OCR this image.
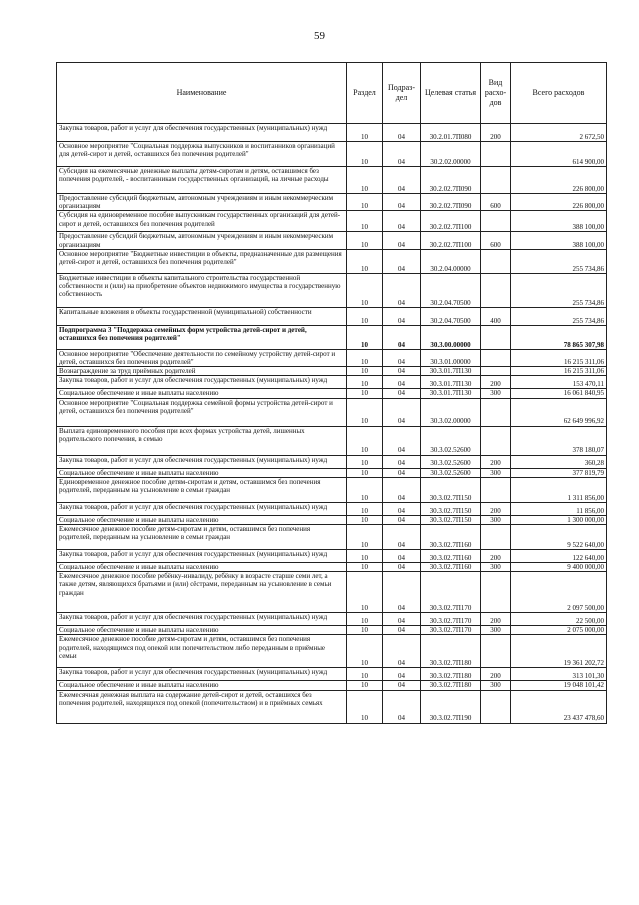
59
Наименование	Раздел	Подраз-дел	Целевая статья	Вид расхо-дов	Всего расходов
Закупка товаров, работ и услуг для обеспечения государственных (муниципальных) нужд	10	04	30.2.01.7П080	200	2 672,50
Основное мероприятие "Социальная поддержка выпускников и воспитанников организаций для детей-сирот и детей, оставшихся без попечения родителей"	10	04	30.2.02.00000		614 900,00
Субсидия на ежемесячные денежные выплаты детям-сиротам и детям, оставшимся без попечения родителей, - воспитанникам государственных организаций, на личные расходы	10	04	30.2.02.7П090		226 800,00
Предоставление субсидий бюджетным, автономным учреждениям и иным некоммерческим организациям	10	04	30.2.02.7П090	600	226 800,00
Субсидия на единовременное пособие выпускникам государственных организаций для детей-сирот и детей, оставшихся без попечения родителей	10	04	30.2.02.7П100		388 100,00
Предоставление субсидий бюджетным, автономным учреждениям и иным некоммерческим организациям	10	04	30.2.02.7П100	600	388 100,00
Основное мероприятие "Бюджетные инвестиции в объекты, предназначенные для размещения детей-сирот и детей, оставшихся без попечения родителей"	10	04	30.2.04.00000		255 734,86
Бюджетные инвестиции в объекты капитального строительства государственной собственности и (или) на приобретение объектов недвижимого имущества в государственную собственность	10	04	30.2.04.70500		255 734,86
Капитальные вложения в объекты государственной (муниципальной) собственности	10	04	30.2.04.70500	400	255 734,86
Подпрограмма 3 "Поддержка семейных форм устройства детей-сирот и детей, оставшихся без попечения родителей"	10	04	30.3.00.00000		78 865 307,98
Основное мероприятие "Обеспечение деятельности по семейному устройству детей-сирот и детей, оставшихся без попечения родителей"	10	04	30.3.01.00000		16 215 311,06
Вознаграждение за труд приёмных родителей	10	04	30.3.01.7П130		16 215 311,06
Закупка товаров, работ и услуг для обеспечения государственных (муниципальных) нужд	10	04	30.3.01.7П130	200	153 470,11
Социальное обеспечение и иные выплаты населению	10	04	30.3.01.7П130	300	16 061 840,95
Основное мероприятие "Социальная поддержка семейной формы устройства детей-сирот и детей, оставшихся без попечения родителей"	10	04	30.3.02.00000		62 649 996,92
Выплата единовременного пособия при всех формах устройства детей, лишенных родительского попечения, в семью	10	04	30.3.02.52600		378 180,07
Закупка товаров, работ и услуг для обеспечения государственных (муниципальных) нужд	10	04	30.3.02.52600	200	360,28
Социальное обеспечение и иные выплаты населению	10	04	30.3.02.52600	300	377 819,79
Единовременное денежное пособие детям-сиротам и детям, оставшимся без попечения родителей, переданным на усыновление в семьи граждан	10	04	30.3.02.7П150		1 311 856,00
Закупка товаров, работ и услуг для обеспечения государственных (муниципальных) нужд	10	04	30.3.02.7П150	200	11 856,00
Социальное обеспечение и иные выплаты населению	10	04	30.3.02.7П150	300	1 300 000,00
Ежемесячное денежное пособие детям-сиротам и детям, оставшимся без попечения родителей, переданным на усыновление в семьи граждан	10	04	30.3.02.7П160		9 522 640,00
Закупка товаров, работ и услуг для обеспечения государственных (муниципальных) нужд	10	04	30.3.02.7П160	200	122 640,00
Социальное обеспечение и иные выплаты населению	10	04	30.3.02.7П160	300	9 400 000,00
Ежемесячное денежное пособие ребёнку-инвалиду, ребёнку в возрасте старше семи лет, а также детям, являющихся братьями и (или) сёстрами, переданным на усыновление в семьи граждан	10	04	30.3.02.7П170		2 097 500,00
Закупка товаров, работ и услуг для обеспечения государственных (муниципальных) нужд	10	04	30.3.02.7П170	200	22 500,00
Социальное обеспечение и иные выплаты населению	10	04	30.3.02.7П170	300	2 075 000,00
Ежемесячное денежное пособие детям-сиротам и детям, оставшимся без попечения родителей, находящимся под опекой или попечительством либо переданным в приёмные семьи	10	04	30.3.02.7П180		19 361 202,72
Закупка товаров, работ и услуг для обеспечения государственных (муниципальных) нужд	10	04	30.3.02.7П180	200	313 101,30
Социальное обеспечение и иные выплаты населению	10	04	30.3.02.7П180	300	19 048 101,42
Ежемесячная денежная выплата на содержание детей-сирот и детей, оставшихся без попечения родителей, находящихся под опекой (попечительством) и в приёмных семьях	10	04	30.3.02.7П190		23 437 478,60
